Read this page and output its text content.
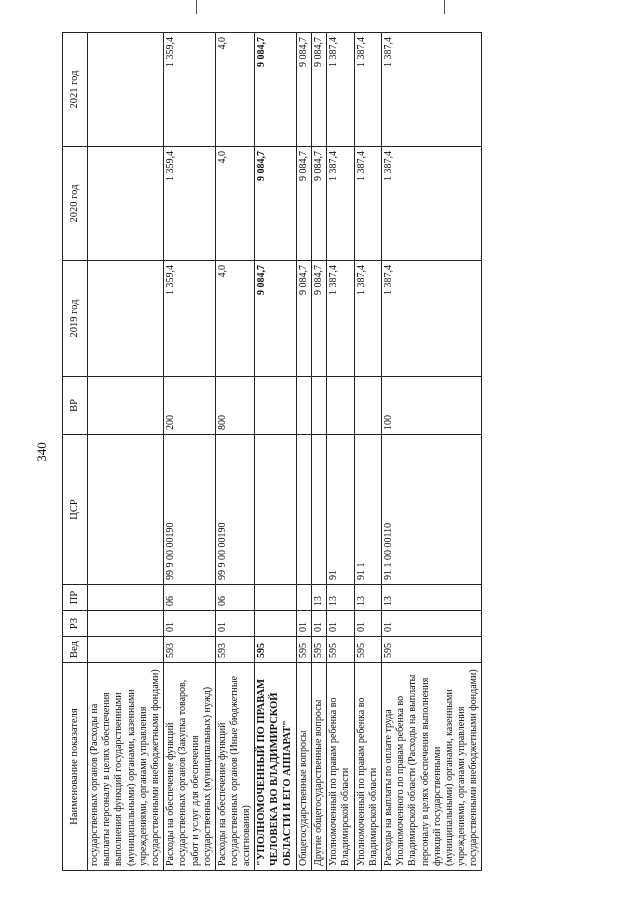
340
Наименование показателя	Вед	РЗ	ПР	ЦСР	ВР	2019 год	2020 год	2021 год
государственных органов (Расходы на выплаты персоналу в целях обеспечения выполнения функций государственными (муниципальными) органами, казенными учреждениями, органами управления государственными внебюджетными фондами)								
Расходы на обеспечение функций государственных органов (Закупка товаров, работ и услуг для обеспечения государственных (муниципальных) нужд)	593	01	06	99 9 00 00190	200	1 359,4	1 359,4	1 359,4
Расходы на обеспечение функций государственных органов (Иные бюджетные ассигнования)	593	01	06	99 9 00 00190	800	4,0	4,0	4,0
"УПОЛНОМОЧЕННЫЙ ПО ПРАВАМ ЧЕЛОВЕКА ВО ВЛАДИМИРСКОЙ ОБЛАСТИ И ЕГО АППАРАТ"	595					9 084,7	9 084,7	9 084,7
Общегосударственные вопросы	595	01				9 084,7	9 084,7	9 084,7
Другие общегосударственные вопросы	595	01	13			9 084,7	9 084,7	9 084,7
Уполномоченный по правам ребенка во Владимирской области	595	01	13	91		1 387,4	1 387,4	1 387,4
Уполномоченный по правам ребенка во Владимирской области	595	01	13	91 1		1 387,4	1 387,4	1 387,4
Расходы на выплаты по оплате труда Уполномоченного по правам ребенка во Владимирской области (Расходы на выплаты персоналу в целях обеспечения выполнения функций государственными (муниципальными) органами, казенными учреждениями, органами управления государственными внебюджетными фондами)	595	01	13	91 1 00 00110	100	1 387,4	1 387,4	1 387,4
